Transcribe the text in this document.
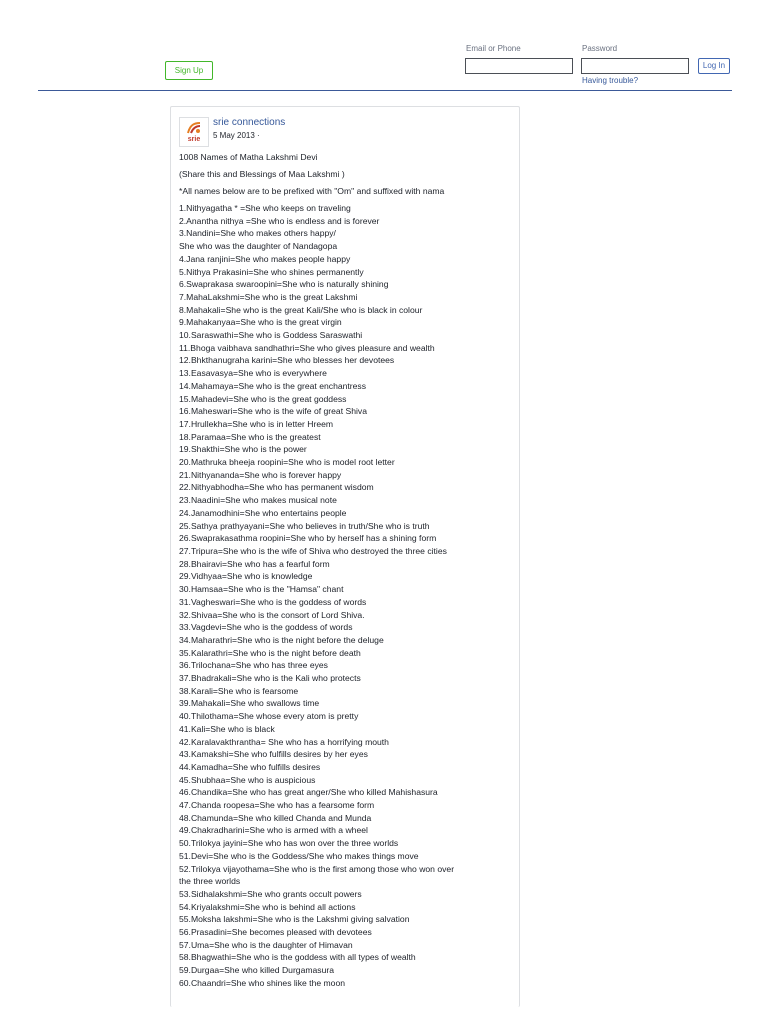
Sign Up
Email or Phone	Password
Log In
Having trouble?
srie
srie connections
5 May 2013 ·

1008 Names of Matha Lakshmi Devi

(Share this and Blessings of Maa Lakshmi )

*All names below are to be prefixed with "Om" and suffixed with nama

1.Nithyagatha * =She who keeps on traveling
2.Anantha nithya =She who is endless and is forever
3.Nandini=She who makes others happy/
She who was the daughter of Nandagopa
4.Jana ranjini=She who makes people happy
5.Nithya Prakasini=She who shines permanently
6.Swaprakasa swaroopini=She who is naturally shining
7.MahaLakshmi=She who is the great Lakshmi
8.Mahakali=She who is the great Kali/She who is black in colour
9.Mahakanyaa=She who is the great virgin
10.Saraswathi=She who is Goddess Saraswathi
11.Bhoga vaibhava sandhathri=She who gives pleasure and wealth
12.Bhkthanugraha karini=She who blesses her devotees
13.Easavasya=She who is everywhere
14.Mahamaya=She who is the great enchantress
15.Mahadevi=She who is the great goddess
16.Maheswari=She who is the wife of great Shiva
17.Hrullekha=She who is in letter Hreem
18.Paramaa=She who is the greatest
19.Shakthi=She who is the power
20.Mathruka bheeja roopini=She who is model root letter
21.Nithyananda=She who is forever happy
22.Nithyabhodha=She who has permanent wisdom
23.Naadini=She who makes musical note
24.Janamodhini=She who entertains people
25.Sathya prathyayani=She who believes in truth/She who is truth
26.Swaprakasathma roopini=She who by herself has a shining form
27.Tripura=She who is the wife of Shiva who destroyed the three cities
28.Bhairavi=She who has a fearful form
29.Vidhyaa=She who is knowledge
30.Hamsaa=She who is the "Hamsa" chant
31.Vagheswari=She who is the goddess of words
32.Shivaa=She who is the consort of Lord Shiva.
33.Vagdevi=She who is the goddess of words
34.Maharathri=She who is the night before the deluge
35.Kalarathri=She who is the night before death
36.Trilochana=She who has three eyes
37.Bhadrakali=She who is the Kali who protects
38.Karali=She who is fearsome
39.Mahakali=She who swallows time
40.Thilothama=She whose every atom is pretty
41.Kali=She who is black
42.Karalavakthrantha= She who has a horrifying mouth
43.Kamakshi=She who fulfills desires by her eyes
44.Kamadha=She who fulfills desires
45.Shubhaa=She who is auspicious
46.Chandika=She who has great anger/She who killed Mahishasura
47.Chanda roopesa=She who has a fearsome form
48.Chamunda=She who killed Chanda and Munda
49.Chakradharini=She who is armed with a wheel
50.Trilokya jayini=She who has won over the three worlds
51.Devi=She who is the Goddess/She who makes things move
52.Trilokya vijayothama=She who is the first among those who won over
the three worlds
53.Sidhalakshmi=She who grants occult powers
54.Kriyalakshmi=She who is behind all actions
55.Moksha lakshmi=She who is the Lakshmi giving salvation
56.Prasadini=She becomes pleased with devotees
57.Uma=She who is the daughter of Himavan
58.Bhagwathi=She who is the goddess with all types of wealth
59.Durgaa=She who killed Durgamasura
60.Chaandri=She who shines like the moon
